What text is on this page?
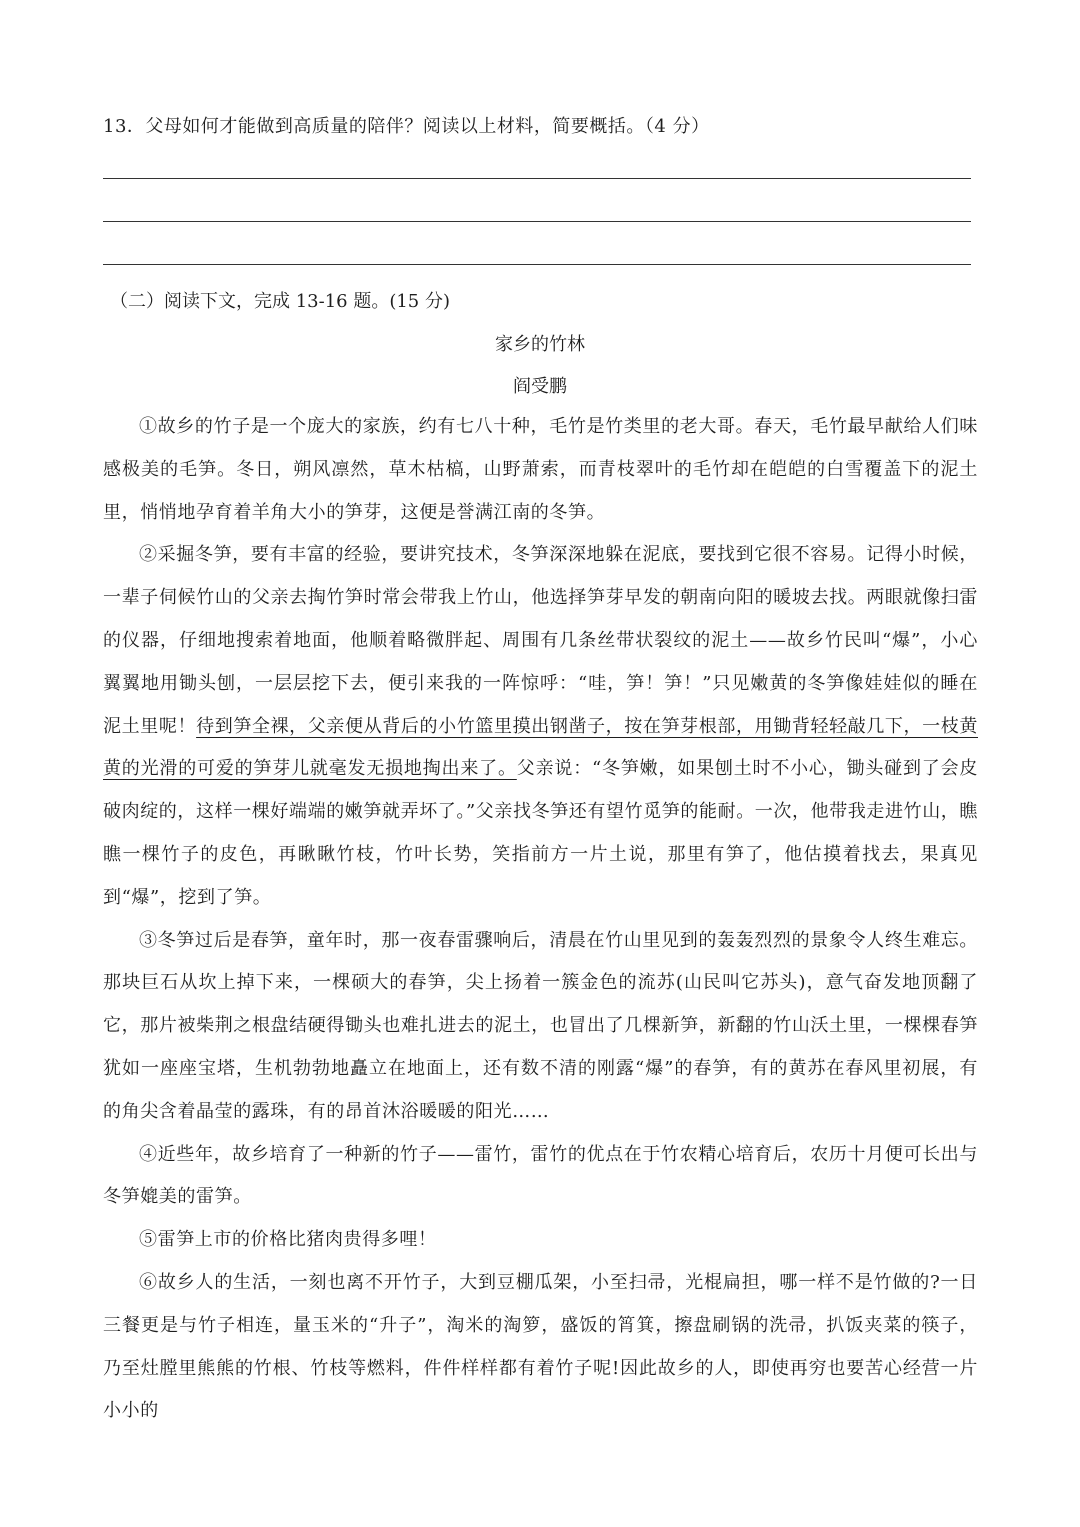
13．父母如何才能做到高质量的陪伴？阅读以上材料，简要概括。（4 分）
（二）阅读下文，完成 13-16 题。(15 分)
家乡的竹林
阎受鹏

①故乡的竹子是一个庞大的家族，约有七八十种，毛竹是竹类里的老大哥。春天，毛竹最早献给人们味感极美的毛笋。冬日，朔风凛然，草木枯槁，山野萧索，而青枝翠叶的毛竹却在皑皑的白雪覆盖下的泥土里，悄悄地孕育着羊角大小的笋芽，这便是誉满江南的冬笋。

②采掘冬笋，要有丰富的经验，要讲究技术，冬笋深深地躲在泥底，要找到它很不容易。记得小时候，一辈子伺候竹山的父亲去掏竹笋时常会带我上竹山，他选择笋芽早发的朝南向阳的暖坡去找。两眼就像扫雷的仪器，仔细地搜索着地面，他顺着略微胖起、周围有几条丝带状裂纹的泥土——故乡竹民叫“爆”，小心翼翼地用锄头刨，一层层挖下去，便引来我的一阵惊呼：“哇，笋！笋！”只见嫩黄的冬笋像娃娃似的睡在泥土里呢！待到笋全裸，父亲便从背后的小竹篮里摸出钢凿子，按在笋芽根部，用锄背轻轻敲几下，一枝黄黄的光滑的可爱的笋芽儿就毫发无损地掏出来了。父亲说：“冬笋嫩，如果刨土时不小心，锄头碰到了会皮破肉绽的，这样一棵好端端的嫩笋就弄坏了。”父亲找冬笋还有望竹觅笋的能耐。一次，他带我走进竹山，瞧瞧一棵竹子的皮色，再瞅瞅竹枝，竹叶长势，笑指前方一片土说，那里有笋了，他估摸着找去，果真见到“爆”，挖到了笋。

③冬笋过后是春笋，童年时，那一夜春雷骤响后，清晨在竹山里见到的轰轰烈烈的景象令人终生难忘。那块巨石从坎上掉下来，一棵硕大的春笋，尖上扬着一簇金色的流苏(山民叫它苏头)，意气奋发地顶翻了它，那片被柴荆之根盘结硬得锄头也难扎进去的泥土，也冒出了几棵新笋，新翻的竹山沃土里，一棵棵春笋犹如一座座宝塔，生机勃勃地矗立在地面上，还有数不清的刚露“爆”的春笋，有的黄苏在春风里初展，有的角尖含着晶莹的露珠，有的昂首沐浴暖暖的阳光……

④近些年，故乡培育了一种新的竹子——雷竹，雷竹的优点在于竹农精心培育后，农历十月便可长出与冬笋媲美的雷笋。

⑤雷笋上市的价格比猪肉贵得多哩！

⑥故乡人的生活，一刻也离不开竹子，大到豆棚瓜架，小至扫帚，光棍扁担，哪一样不是竹做的?一日三餐更是与竹子相连，量玉米的“升子”，淘米的淘箩，盛饭的筲箕，擦盘刷锅的洗帚，扒饭夹菜的筷子，乃至灶膛里熊熊的竹根、竹枝等燃料，件件样样都有着竹子呢!因此故乡的人，即使再穷也要苦心经营一片小小的
